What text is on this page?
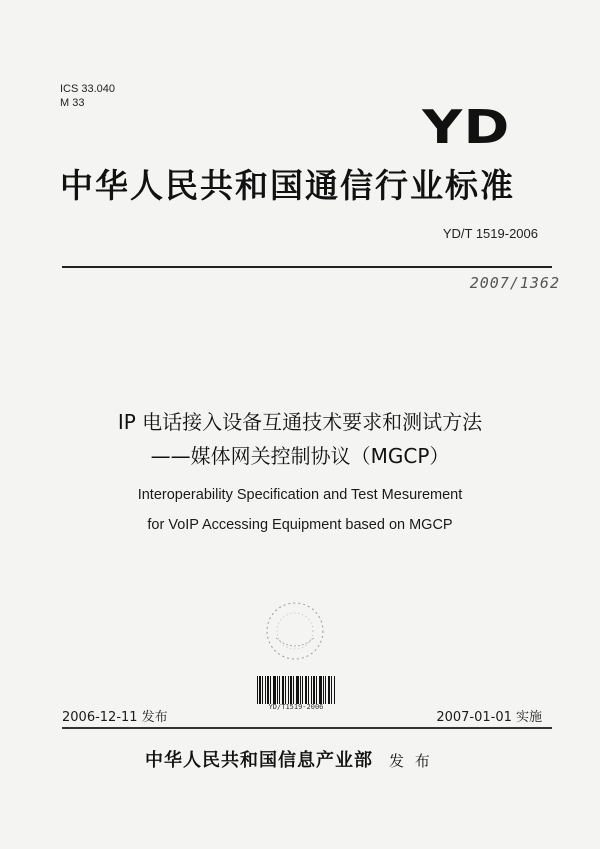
ICS 33.040
M 33	YD
中华人民共和国通信行业标准
YD/T 1519-2006
2007/1362
IP 电话接入设备互通技术要求和测试方法
——媒体网关控制协议（MGCP）
Interoperability Specification and Test Mesurement
for VoIP Accessing Equipment based on MGCP
YD/T1519-2006
2006-12-11 发布	2007-01-01 实施
中华人民共和国信息产业部 发 布
